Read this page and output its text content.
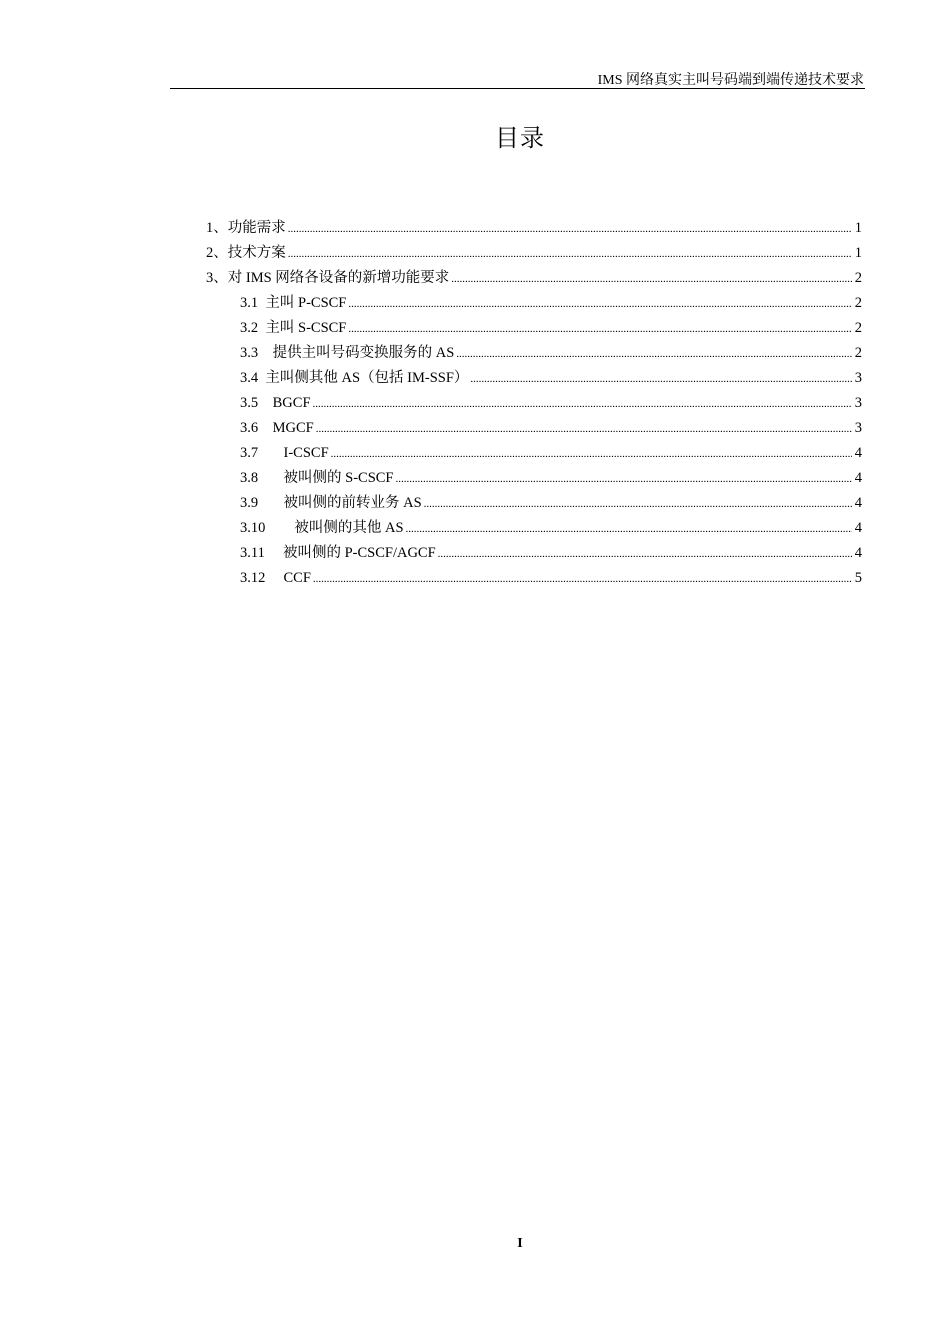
IMS 网络真实主叫号码端到端传递技术要求
目录
1、 功能需求 .....	1
2、 技术方案 .....	1
3、 对 IMS 网络各设备的新增功能要求 .....	2
3.1 主叫 P-CSCF .....	2
3.2 主叫 S-CSCF .....	2
3.3 提供主叫号码变换服务的 AS .....	2
3.4 主叫侧其他 AS（包括 IM-SSF） .....	3
3.5 BGCF .....	3
3.6 MGCF .....	3
3.7 I-CSCF .....	4
3.8 被叫侧的 S-CSCF .....	4
3.9 被叫侧的前转业务 AS .....	4
3.10 被叫侧的其他 AS .....	4
3.11 被叫侧的 P-CSCF/AGCF .....	4
3.12 CCF .....	5
I
